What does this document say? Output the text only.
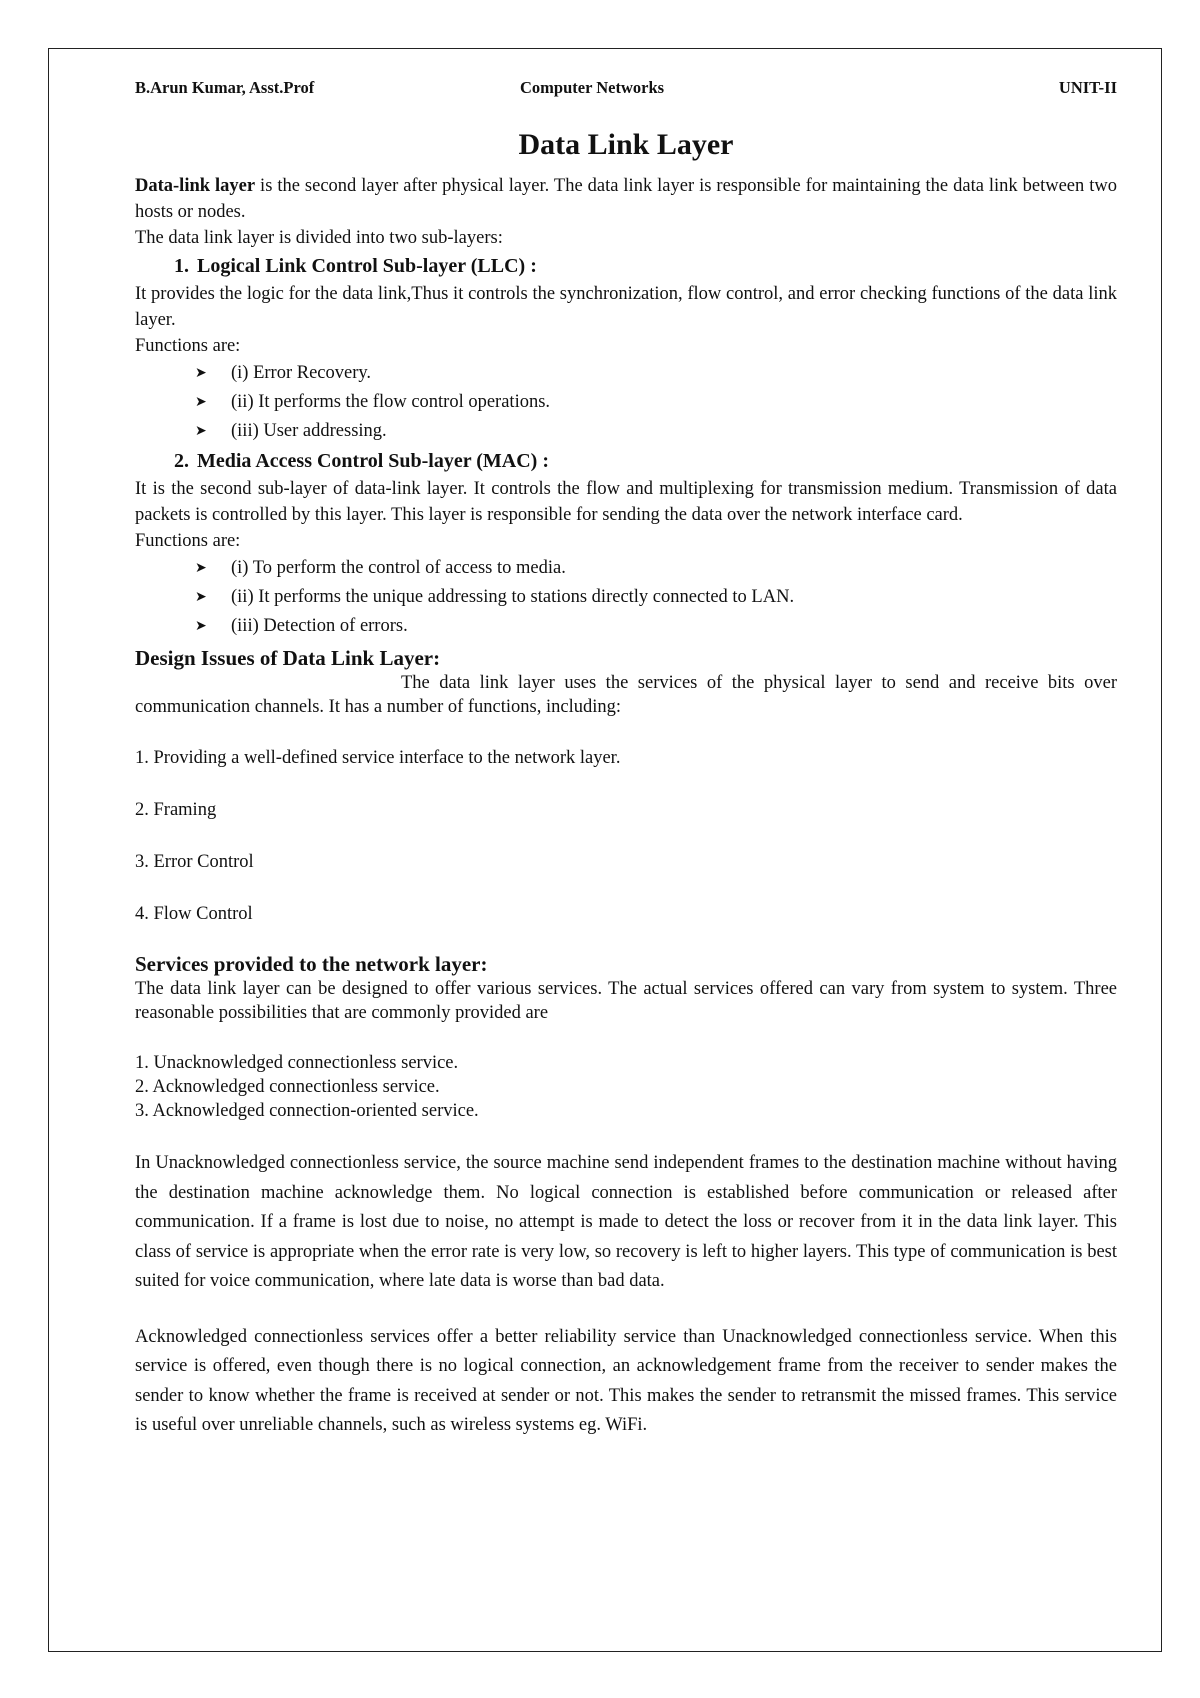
B.Arun Kumar, Asst.Prof	Computer Networks	UNIT-II
Data Link Layer

Data-link layer is the second layer after physical layer. The data link layer is responsible for maintaining the data link between two hosts or nodes.

The data link layer is divided into two sub-layers:

1. Logical Link Control Sub-layer (LLC) :

It provides the logic for the data link,Thus it controls the synchronization, flow control, and error checking functions of the data link layer.

Functions are:

➤	(i) Error Recovery.
➤	(ii) It performs the flow control operations.
➤	(iii) User addressing.
2. Media Access Control Sub-layer (MAC) :

It is the second sub-layer of data-link layer. It controls the flow and multiplexing for transmission medium. Transmission of data packets is controlled by this layer. This layer is responsible for sending the data over the network interface card.

Functions are:

➤	(i) To perform the control of access to media.
➤	(ii) It performs the unique addressing to stations directly connected to LAN.
➤	(iii) Detection of errors.
Design Issues of Data Link Layer:

The data link layer uses the services of the physical layer to send and receive bits over communication channels. It has a number of functions, including:

1. Providing a well-defined service interface to the network layer.

2. Framing

3. Error Control

4. Flow Control

Services provided to the network layer:

The data link layer can be designed to offer various services. The actual services offered can vary from system to system. Three reasonable possibilities that are commonly provided are

1. Unacknowledged connectionless service.

2. Acknowledged connectionless service.

3. Acknowledged connection-oriented service.

In Unacknowledged connectionless service, the source machine send independent frames to the destination machine without having the destination machine acknowledge them. No logical connection is established before communication or released after communication. If a frame is lost due to noise, no attempt is made to detect the loss or recover from it in the data link layer. This class of service is appropriate when the error rate is very low, so recovery is left to higher layers. This type of communication is best suited for voice communication, where late data is worse than bad data.

Acknowledged connectionless services offer a better reliability service than Unacknowledged connectionless service. When this service is offered, even though there is no logical connection, an acknowledgement frame from the receiver to sender makes the sender to know whether the frame is received at sender or not. This makes the sender to retransmit the missed frames. This service is useful over unreliable channels, such as wireless systems eg. WiFi.
